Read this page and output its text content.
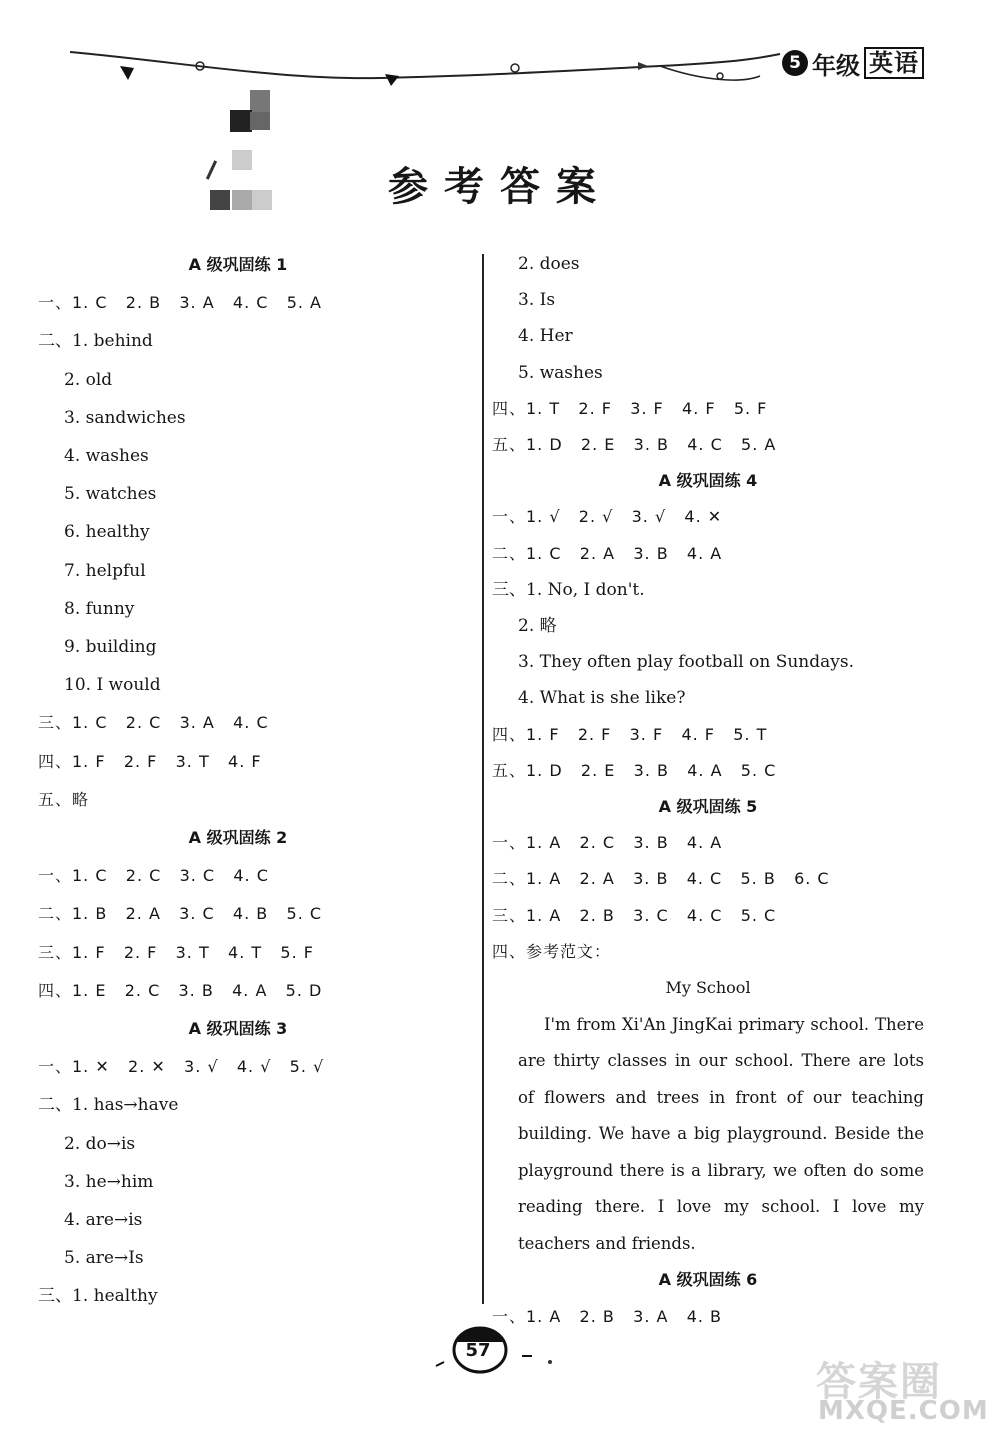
5 年级 英语
参考答案
A 级巩固练 1
一、1. C   2. B   3. A   4. C   5. A
二、1. behind
2. old
3. sandwiches
4. washes
5. watches
6. healthy
7. helpful
8. funny
9. building
10. I would
三、1. C   2. C   3. A   4. C
四、1. F   2. F   3. T   4. F
五、略
A 级巩固练 2
一、1. C   2. C   3. C   4. C
二、1. B   2. A   3. C   4. B   5. C
三、1. F   2. F   3. T   4. T   5. F
四、1. E   2. C   3. B   4. A   5. D
A 级巩固练 3
一、1. ✕   2. ✕   3. √   4. √   5. √
二、1. has→have
2. do→is
3. he→him
4. are→is
5. are→Is
三、1. healthy
2. does
3. Is
4. Her
5. washes
四、1. T   2. F   3. F   4. F   5. F
五、1. D   2. E   3. B   4. C   5. A
A 级巩固练 4
一、1. √   2. √   3. √   4. ✕
二、1. C   2. A   3. B   4. A
三、1. No, I don't.
2. 略
3. They often play football on Sundays.
4. What is she like?
四、1. F   2. F   3. F   4. F   5. T
五、1. D   2. E   3. B   4. A   5. C
A 级巩固练 5
一、1. A   2. C   3. B   4. A
二、1. A   2. A   3. B   4. C   5. B   6. C
三、1. A   2. B   3. C   4. C   5. C
四、参考范文：
My School
I'm from Xi'An JingKai primary school. There are thirty classes in our school. There are lots of flowers and trees in front of our teaching building. We have a big playground. Beside the playground there is a library, we often do some reading there. I love my school. I love my teachers and friends.
A 级巩固练 6
一、1. A   2. B   3. A   4. B
57
答案圈
MXQE.COM
